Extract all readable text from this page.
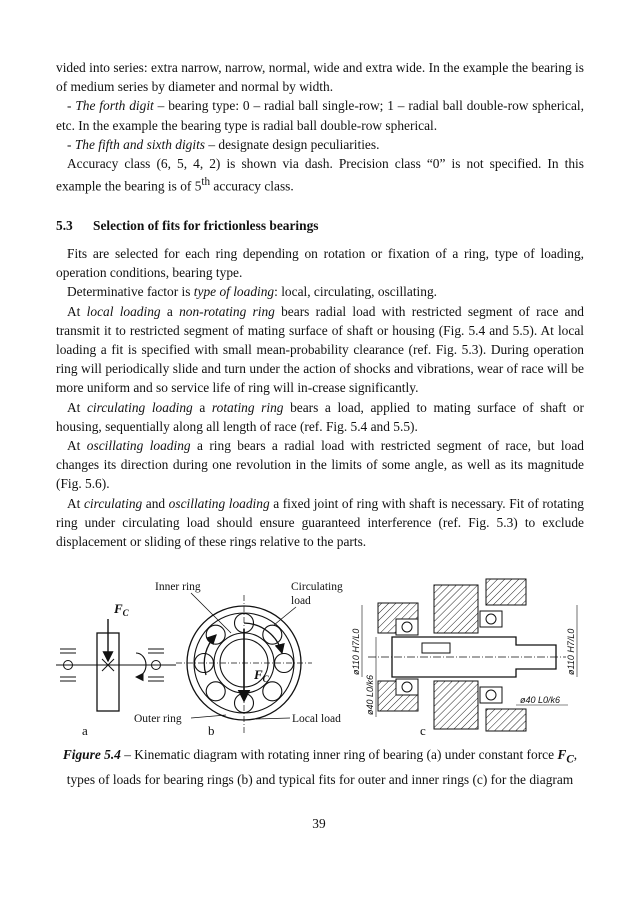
vided into series: extra narrow, narrow, normal, wide and extra wide. In the example the bearing is of medium series by diameter and normal by width.

- The forth digit – bearing type: 0 – radial ball single-row; 1 – radial ball double-row spherical, etc. In the example the bearing type is radial ball double-row spherical.

- The fifth and sixth digits – designate design peculiarities.

Accuracy class (6, 5, 4, 2) is shown via dash. Precision class “0” is not specified. In this example the bearing is of 5th accuracy class.

5.3 Selection of fits for frictionless bearings

Fits are selected for each ring depending on rotation or fixation of a ring, type of loading, operation conditions, bearing type.

Determinative factor is type of loading: local, circulating, oscillating.

At local loading a non-rotating ring bears radial load with restricted segment of race and transmit it to restricted segment of mating surface of shaft or housing (Fig. 5.4 and 5.5). At local loading a fit is specified with small mean-probability clearance (ref. Fig. 5.3). During operation ring will periodically slide and turn under the action of shocks and vibrations, wear of race will be more uniform and so service life of ring will in-crease significantly.

At circulating loading a rotating ring bears a load, applied to mating surface of shaft or housing, sequentially along all length of race (ref. Fig. 5.4 and 5.5).

At oscillating loading a ring bears a radial load with restricted segment of race, but load changes its direction during one revolution in the limits of some angle, as well as its magnitude (Fig. 5.6).

At circulating and oscillating loading a fixed joint of ring with shaft is necessary. Fit of rotating ring under circulating load should ensure guaranteed interference (ref. Fig. 5.3) to exclude displacement or sliding of these rings relative to the parts.

$F_C$
a
Inner ring	Circulating
load
$F_C$
Outer ring	Local load
b
ø110 H7/L0
ø40 L0/k6
ø110 H7/L0
ø40 L0/k6
c
Figure 5.4 – Kinematic diagram with rotating inner ring of bearing (a) under constant force $F_C$, types of loads for bearing rings (b) and typical fits for outer and inner rings (c) for the diagram
39
